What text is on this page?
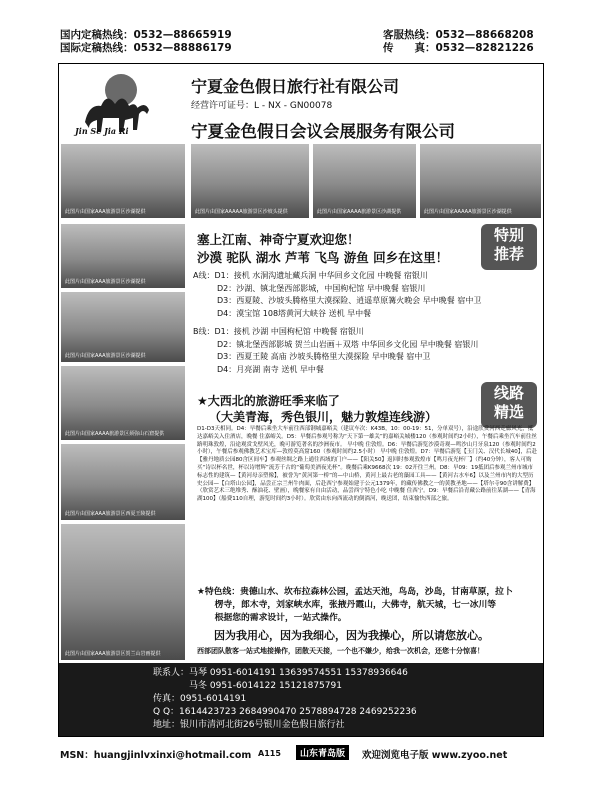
国内定稿热线：0532—88665919
国际定稿热线：0532—88886179
客服热线：0532—88668208
传　　真：0532—82821226
Jin Se Jia Ri
宁夏金色假日旅行社有限公司
经营许可证号：L - NX - GN00078
宁夏金色假日会议会展服务有限公司
此图片由国家AAA旅游景区沙湖提供	此图片由国家AAAAA旅游景区沙坡头提供	此图片由国家AAAA旅游景区沙湖提供	此图片由国家AAAAA旅游景区沙湖提供
此图片由国家AAA旅游景区沙湖提供
此图片由国家AAA旅游景区沙湖提供
此图片由国家AAAA旅游景区须弥山石窟提供
此图片由国家AAA旅游景区西夏王陵提供
此图片由国家AAA旅游景区贺兰山岩画提供
塞上江南、神奇宁夏欢迎您！
沙漠 驼队 湖水 芦苇 飞鸟 游鱼 回乡在这里！
特别
推荐
A线：D1：接机 水洞沟遗址藏兵洞 中华回乡文化园 中晚餐 宿银川
　　　D2：沙湖、镇北堡西部影城，中国枸杞馆 早中晚餐 宿银川
　　　D3：西夏陵、沙坡头腾格里大漠探险、逍遥草原篝火晚会 早中晚餐 宿中卫
　　　D4：漠宝馆 108塔黄河大峡谷 送机 早中餐
B线：D1：接机 沙湖 中国枸杞馆 中晚餐 宿银川
　　　D2：镇北堡西部影城 贺兰山岩画＋双塔 中华回乡文化园 早中晚餐 宿银川
　　　D3：西夏王陵 高庙 沙坡头腾格里大漠探险 早中晚餐 宿中卫
　　　D4：月亮湖 南寺 送机 早中餐
★大西北的旅游旺季来临了
（大美青海，秀色银川，魅力敦煌连线游）
线路
精选
D1-D3天相同。D4：早餐后乘坐大车前往西部钢城嘉峪关（建议车次：K43B，10：00-19：51，分单双号），沿途欣赏河西走廊风光，抵达嘉峪关入住酒店，晚餐 住嘉峪关。D5：早餐后参观号称为“天下第一雄关”的嘉峪关城楼120（参观时间约2小时），午餐后乘坐汽车前往丝路明珠敦煌，沿途观赏戈壁风光，晚可游览著名的沙洲夜市。 早中晚 住敦煌。D6：早餐后游览沙漠奇观—鸣沙山月牙泉120（参观时间约2小时），午餐后参观佛教艺术宝库—敦煌莫高窟160（参观时间约2.5小时） 早中晚 住敦煌。D7：早餐后游览【玉门关、汉代长城40】，后赴【雅丹地质公园80含区间车】参观丝绸之路上通往西域的门户——【阳关50】返回时参观敦煌市【鸣月夜光杯厂】（约40分钟），客人可购买“诗以杯名世，杯以诗增辉”流芳千古的“葡萄美酒夜光杯”。晚餐后乘K9668次 19：02开往兰州。D8：早09：19抵团后参观兰州市城市标志性的建筑—【黄河母亲塑像】，被誉为“黄河第一桥”的—中山桥，黄河上最古老的藻园工具——【黄河古水车6】以及兰州市内的大型历史公园—【白塔山公园】，品尝正宗兰州牛肉面，后赴西宁参观始建于公元1379年，的藏传佛教之一的黄教圣地——【塔尔寺90含讲解费】（欣赏艺术三绝堆秀、酥油花、壁画），晚餐家有自由活动，品尝西宁特色小吃 中晚餐 住西宁。D9：早餐后沿青藏公路前往某湖——【青海湖100】（船费110自理，游览时间约3小时）。欣赏由东向西流动的倒淌河，晚送团，结束愉快西部之旅。
★特色线：贵德山水、坎布拉森林公园，孟达天池，鸟岛，沙岛，甘南草原，拉卜
　　楞寺，郎木寺，刘家峡水库，张掖丹霞山，大佛寺，航天城，七一冰川等
　　根据您的需求设计，一站式操作。
因为我用心，因为我细心，因为我操心，所以请您放心。
西部团队散客一站式地接操作，团散天天接，一个也不嫌少，给我一次机会，还您十分惊喜！
联系人：马琴 0951-6014191 13639574551 15378936646
　　　　马冬 0951-6014122 15121875791
传真：0951-6014191
Q Q：1614423723 2684990470 2578894728 2469252236
地址：银川市清河北街26号银川金色假日旅行社
MSN：huangjinlvxinxi@hotmail.com A115	山东青岛版	欢迎浏览电子版 www.zyoo.net
